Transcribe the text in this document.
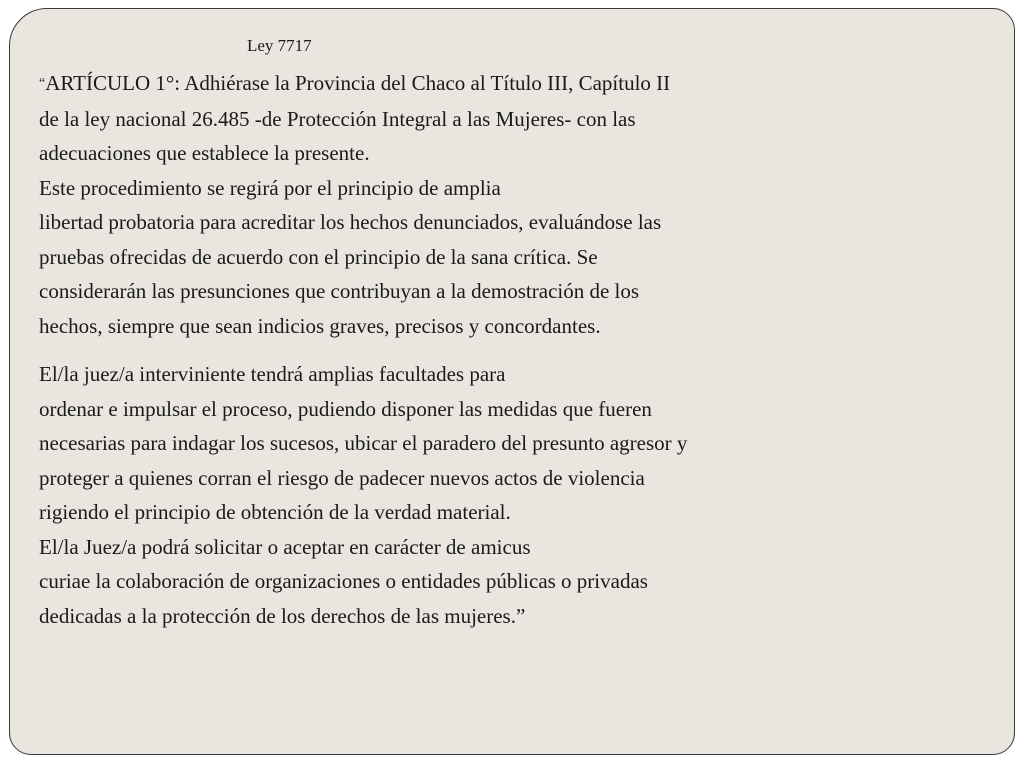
Ley 7717
“ARTÍCULO 1°: Adhiérase la Provincia del Chaco al Título III, Capítulo II
de la ley nacional 26.485 -de Protección Integral a las Mujeres- con las
adecuaciones que establece la presente.
Este procedimiento se regirá por el principio de amplia
libertad probatoria para acreditar los hechos denunciados, evaluándose las
pruebas ofrecidas de acuerdo con el principio de la sana crítica. Se
considerarán las presunciones que contribuyan a la demostración de los
hechos, siempre que sean indicios graves, precisos y concordantes.
El/la juez/a interviniente tendrá amplias facultades para
ordenar e impulsar el proceso, pudiendo disponer las medidas que fueren
necesarias para indagar los sucesos, ubicar el paradero del presunto agresor y
proteger a quienes corran el riesgo de padecer nuevos actos de violencia
rigiendo el principio de obtención de la verdad material.
El/la Juez/a podrá solicitar o aceptar en carácter de amicus
curiae la colaboración de organizaciones o entidades públicas o privadas
dedicadas a la protección de los derechos de las mujeres.”
